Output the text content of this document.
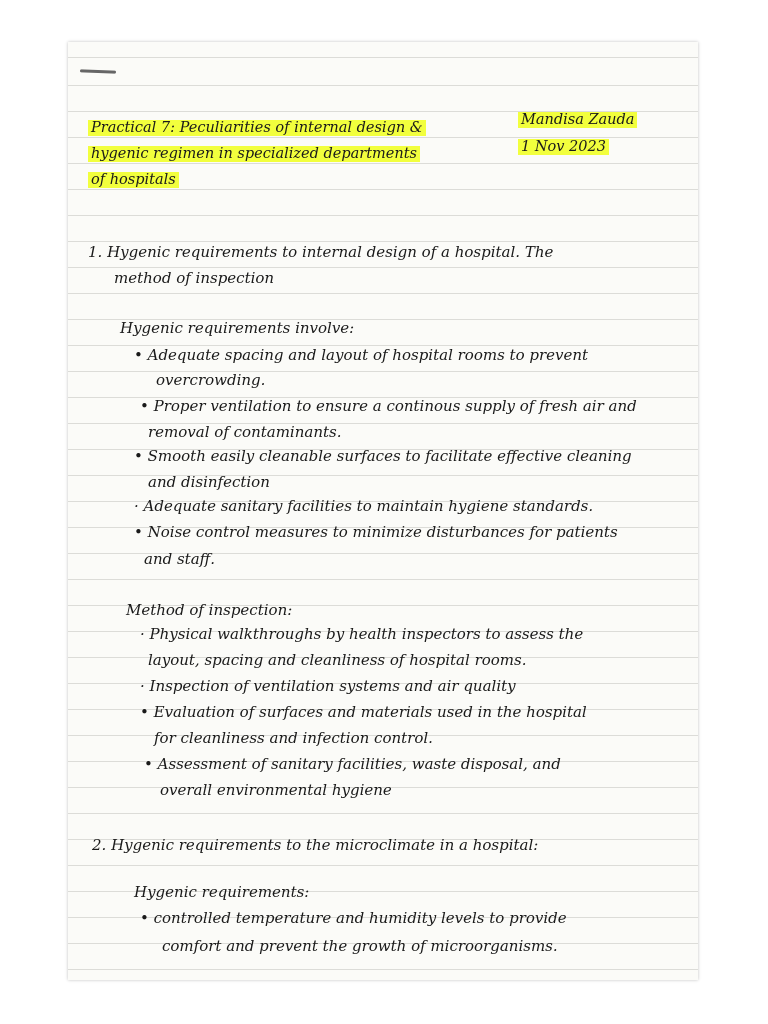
Practical 7: Peculiarities of internal design &
hygenic regimen in specialized departments
of hospitals
Mandisa Zauda
1 Nov 2023
1. Hygenic requirements to internal design of a hospital. The
method of inspection
Hygenic requirements involve:
• Adequate spacing and layout of hospital rooms to prevent
overcrowding.
• Proper ventilation to ensure a continous supply of fresh air and
removal of contaminants.
• Smooth easily cleanable surfaces to facilitate effective cleaning
and disinfection
· Adequate sanitary facilities to maintain hygiene standards.
• Noise control measures to minimize disturbances for patients
and staff.
Method of inspection:
· Physical walkthroughs by health inspectors to assess the
layout, spacing and cleanliness of hospital rooms.
· Inspection of ventilation systems and air quality
• Evaluation of surfaces and materials used in the hospital
for cleanliness and infection control.
• Assessment of sanitary facilities, waste disposal, and
overall environmental hygiene
2. Hygenic requirements to the microclimate in a hospital:
Hygenic requirements:
• controlled temperature and humidity levels to provide
comfort and prevent the growth of microorganisms.
